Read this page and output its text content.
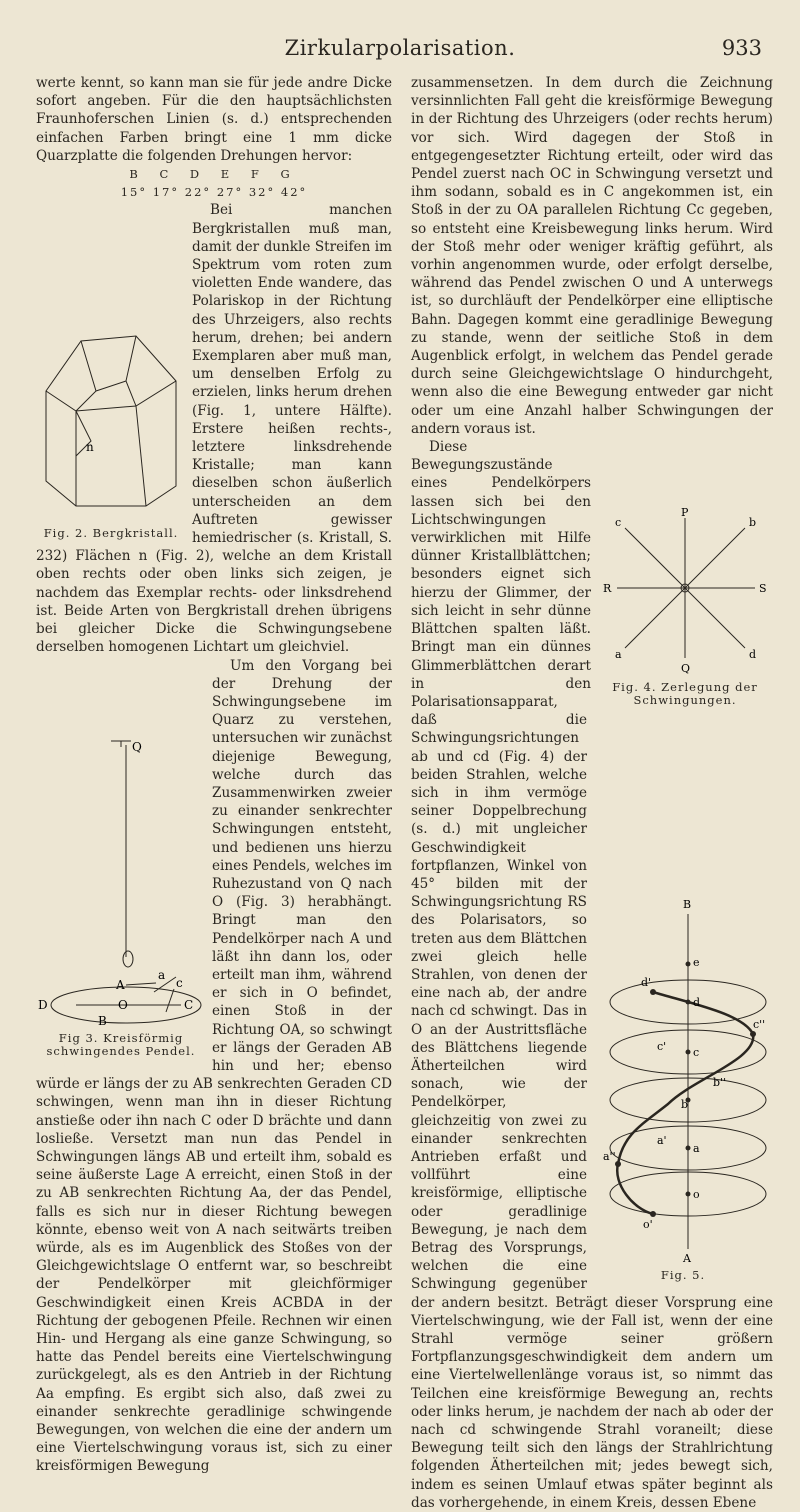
Zirkularpolarisation.	933

werte kennt, so kann man sie für jede andre Dicke sofort angeben. Für die den hauptsächlichsten Fraunhoferschen Linien (s. d.) entsprechenden einfachen Farben bringt eine 1 mm dicke Quarzplatte die folgenden Drehungen hervor:

B C D E F G

15° 17° 22° 27° 32° 42°

n
Fig. 2. Bergkristall.

Bei manchen Bergkristallen muß man, damit der dunkle Streifen im Spektrum vom roten zum violetten Ende wandere, das Polariskop in der Richtung des Uhrzeigers, also rechts herum, drehen; bei andern Exemplaren aber muß man, um denselben Erfolg zu erzielen, links herum drehen (Fig. 1, untere Hälfte). Erstere heißen rechts-, letztere linksdrehende Kristalle; man kann dieselben schon äußerlich unterscheiden an dem Auftreten gewisser hemiedrischer (s. Kristall, S. 232) Flächen n (Fig. 2), welche an dem Kristall oben rechts oder oben links sich zeigen, je nachdem das Exemplar rechts- oder linksdrehend ist. Beide Arten von Bergkristall drehen übrigens bei gleicher Dicke die Schwingungsebene derselben homogenen Lichtart um gleichviel.

Q
A
a
C
c
D
B
O
Fig 3. Kreisförmig
schwingendes Pendel.

Um den Vorgang bei der Drehung der Schwingungsebene im Quarz zu verstehen, untersuchen wir zunächst diejenige Bewegung, welche durch das Zusammenwirken zweier zu einander senkrechter Schwingungen entsteht, und bedienen uns hierzu eines Pendels, welches im Ruhezustand von Q nach O (Fig. 3) herabhängt. Bringt man den Pendelkörper nach A und läßt ihn dann los, oder erteilt man ihm, während er sich in O befindet, einen Stoß in der Richtung OA, so schwingt er längs der Geraden AB hin und her; ebenso würde er längs der zu AB senkrechten Geraden CD schwingen, wenn man ihn in dieser Richtung anstieße oder ihn nach C oder D brächte und dann losließe. Versetzt man nun das Pendel in Schwingungen längs AB und erteilt ihm, sobald es seine äußerste Lage A erreicht, einen Stoß in der zu AB senkrechten Richtung Aa, der das Pendel, falls es sich nur in dieser Richtung bewegen könnte, ebenso weit von A nach seitwärts treiben würde, als es im Augenblick des Stoßes von der Gleichgewichtslage O entfernt war, so beschreibt der Pendelkörper mit gleichförmiger Geschwindigkeit einen Kreis ACBDA in der Richtung der gebogenen Pfeile. Rechnen wir einen Hin- und Hergang als eine ganze Schwingung, so hatte das Pendel bereits eine Viertelschwingung zurückgelegt, als es den Antrieb in der Richtung Aa empfing. Es ergibt sich also, daß zwei zu einander senkrechte geradlinige schwingende Bewegungen, von welchen die eine der andern um eine Viertelschwingung voraus ist, sich zu einer kreisförmigen Bewegung

zusammensetzen. In dem durch die Zeichnung versinnlichten Fall geht die kreisförmige Bewegung in der Richtung des Uhrzeigers (oder rechts herum) vor sich. Wird dagegen der Stoß in entgegengesetzter Richtung erteilt, oder wird das Pendel zuerst nach OC in Schwingung versetzt und ihm sodann, sobald es in C angekommen ist, ein Stoß in der zu OA parallelen Richtung Cc gegeben, so entsteht eine Kreisbewegung links herum. Wird der Stoß mehr oder weniger kräftig geführt, als vorhin angenommen wurde, oder erfolgt derselbe, während das Pendel zwischen O und A unterwegs ist, so durchläuft der Pendelkörper eine elliptische Bahn. Dagegen kommt eine geradlinige Bewegung zu stande, wenn der seitliche Stoß in dem Augenblick erfolgt, in welchem das Pendel gerade durch seine Gleichgewichtslage O hindurchgeht, wenn also die eine Bewegung entweder gar nicht oder um eine Anzahl halber Schwingungen der andern voraus ist.

P
Q
R	S
c	b
a	d
Fig. 4. Zerlegung der
Schwingungen.
B
A
e
d
d'
c
c'
c''
b
b''
a
a'
a''
o
o'
Fig. 5.

Diese Bewegungszustände eines Pendelkörpers lassen sich bei den Lichtschwingungen verwirklichen mit Hilfe dünner Kristallblättchen; besonders eignet sich hierzu der Glimmer, der sich leicht in sehr dünne Blättchen spalten läßt. Bringt man ein dünnes Glimmerblättchen derart in den Polarisationsapparat, daß die Schwingungsrichtungen ab und cd (Fig. 4) der beiden Strahlen, welche sich in ihm vermöge seiner Doppelbrechung (s. d.) mit ungleicher Geschwindigkeit fortpflanzen, Winkel von 45° bilden mit der Schwingungsrichtung RS des Polarisators, so treten aus dem Blättchen zwei gleich helle Strahlen, von denen der eine nach ab, der andre nach cd schwingt. Das in O an der Austrittsfläche des Blättchens liegende Ätherteilchen wird sonach, wie der Pendelkörper, gleichzeitig von zwei zu einander senkrechten Antrieben erfaßt und vollführt eine kreisförmige, elliptische oder geradlinige Bewegung, je nach dem Betrag des Vorsprungs, welchen die eine Schwingung gegenüber der andern besitzt. Beträgt dieser Vorsprung eine Viertelschwingung, wie der Fall ist, wenn der eine Strahl vermöge seiner größern Fortpflanzungsgeschwindigkeit dem andern um eine Viertelwellenlänge voraus ist, so nimmt das Teilchen eine kreisförmige Bewegung an, rechts oder links herum, je nachdem der nach ab oder der nach cd schwingende Strahl voraneilt; diese Bewegung teilt sich den längs der Strahlrichtung folgenden Ätherteilchen mit; jedes bewegt sich, indem es seinen Umlauf etwas später beginnt als das vorhergehende, in einem Kreis, dessen Ebene
